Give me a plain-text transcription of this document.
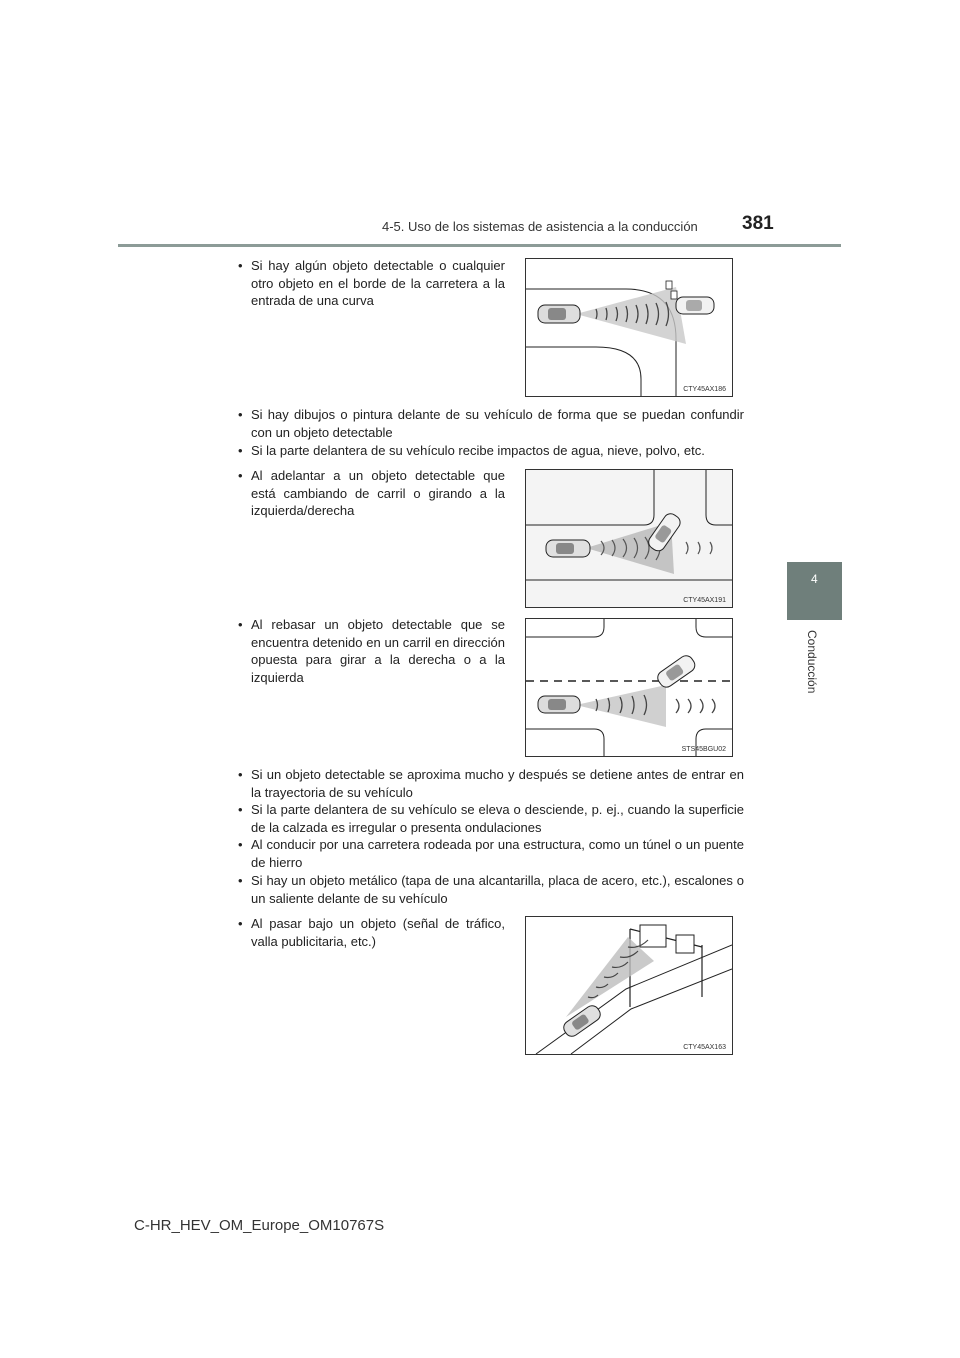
4-5. Uso de los sistemas de asistencia a la conducción 381
4
Conducción
• Si hay algún objeto detectable o cualquier otro objeto en el borde de la carretera a la entrada de una curva
CTY45AX186
• Si hay dibujos o pintura delante de su vehículo de forma que se puedan confundir con un objeto detectable
• Si la parte delantera de su vehículo recibe impactos de agua, nieve, polvo, etc.
• Al adelantar a un objeto detectable que está cambiando de carril o girando a la izquierda/derecha
CTY45AX191
• Al rebasar un objeto detectable que se encuentra detenido en un carril en dirección opuesta para girar a la derecha o a la izquierda
STS45BGU02
• Si un objeto detectable se aproxima mucho y después se detiene antes de entrar en la trayectoria de su vehículo
• Si la parte delantera de su vehículo se eleva o desciende, p. ej., cuando la superficie de la calzada es irregular o presenta ondulaciones
• Al conducir por una carretera rodeada por una estructura, como un túnel o un puente de hierro
• Si hay un objeto metálico (tapa de una alcantarilla, placa de acero, etc.), escalones o un saliente delante de su vehículo
• Al pasar bajo un objeto (señal de tráfico, valla publicitaria, etc.)
CTY45AX163
C-HR_HEV_OM_Europe_OM10767S
